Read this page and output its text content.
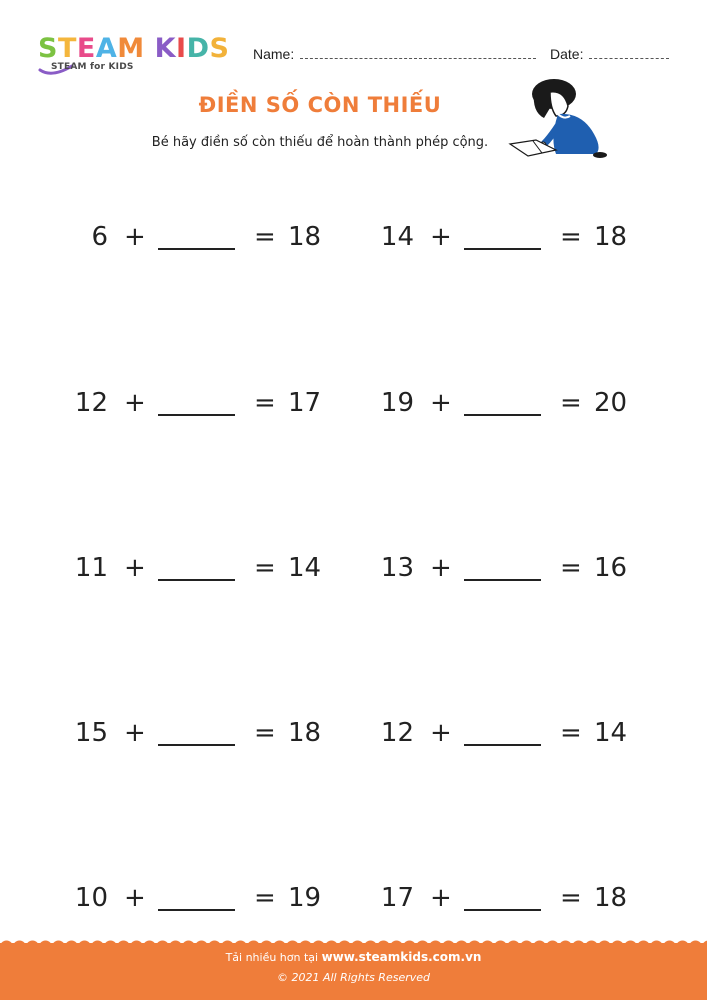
STEAM KIDS
STEAM for KIDS
Name:	Date:
ĐIỀN SỐ CÒN THIẾU
Bé hãy điền số còn thiếu để hoàn thành phép cộng.
6 +	= 18	14 +	= 18
12 +	= 17	19 +	= 20
11 +	= 14	13 +	= 16
15 +	= 18	12 +	= 14
10 +	= 19	17 +	= 18
Tải nhiều hơn tại www.steamkids.com.vn
© 2021 All Rights Reserved
